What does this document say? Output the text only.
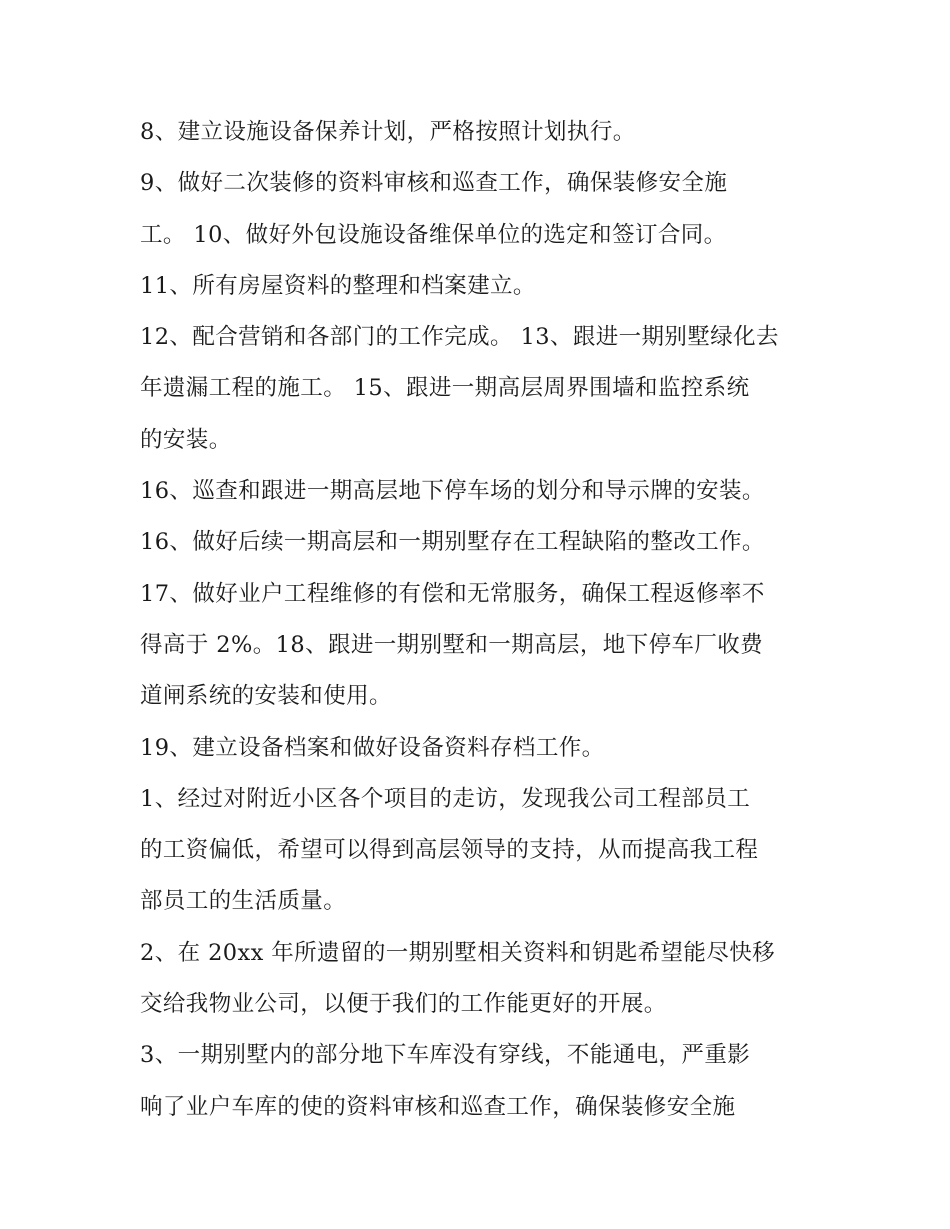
8、建立设施设备保养计划，严格按照计划执行。
9、做好二次装修的资料审核和巡查工作，确保装修安全施
工。 10、做好外包设施设备维保单位的选定和签订合同。
11、所有房屋资料的整理和档案建立。
12、配合营销和各部门的工作完成。 13、跟进一期别墅绿化去
年遗漏工程的施工。 15、跟进一期高层周界围墙和监控系统
的安装。
16、巡查和跟进一期高层地下停车场的划分和导示牌的安装。
16、做好后续一期高层和一期别墅存在工程缺陷的整改工作。
17、做好业户工程维修的有偿和无常服务，确保工程返修率不
得高于 2%。18、跟进一期别墅和一期高层，地下停车厂收费
道闸系统的安装和使用。
19、建立设备档案和做好设备资料存档工作。
1、经过对附近小区各个项目的走访，发现我公司工程部员工
的工资偏低，希望可以得到高层领导的支持，从而提高我工程
部员工的生活质量。
2、在 20xx 年所遗留的一期别墅相关资料和钥匙希望能尽快移
交给我物业公司，以便于我们的工作能更好的开展。
3、一期别墅内的部分地下车库没有穿线，不能通电，严重影
响了业户车库的使的资料审核和巡查工作，确保装修安全施
